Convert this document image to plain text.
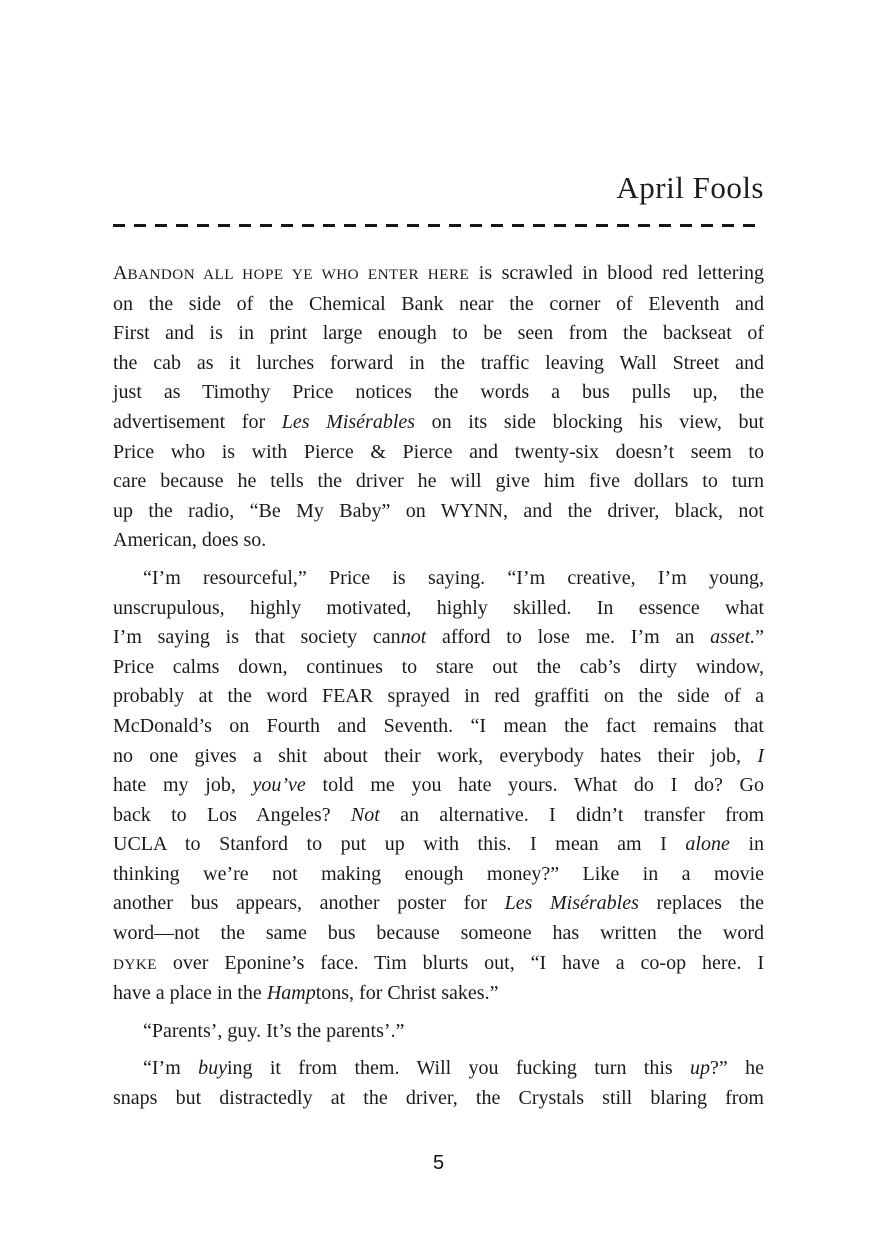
April Fools
ABANDON ALL HOPE YE WHO ENTER HERE is scrawled in blood red lettering
on the side of the Chemical Bank near the corner of Eleventh and
First and is in print large enough to be seen from the backseat of
the cab as it lurches forward in the traffic leaving Wall Street and
just as Timothy Price notices the words a bus pulls up, the
advertisement for Les Misérables on its side blocking his view, but
Price who is with Pierce & Pierce and twenty-six doesn’t seem to
care because he tells the driver he will give him five dollars to turn
up the radio, “Be My Baby” on WYNN, and the driver, black, not
American, does so.
“I’m resourceful,” Price is saying. “I’m creative, I’m young,
unscrupulous, highly motivated, highly skilled. In essence what
I’m saying is that society cannot afford to lose me. I’m an asset.”
Price calms down, continues to stare out the cab’s dirty window,
probably at the word FEAR sprayed in red graffiti on the side of a
McDonald’s on Fourth and Seventh. “I mean the fact remains that
no one gives a shit about their work, everybody hates their job, I
hate my job, you’ve told me you hate yours. What do I do? Go
back to Los Angeles? Not an alternative. I didn’t transfer from
UCLA to Stanford to put up with this. I mean am I alone in
thinking we’re not making enough money?” Like in a movie
another bus appears, another poster for Les Misérables replaces the
word—not the same bus because someone has written the word
DYKE over Eponine’s face. Tim blurts out, “I have a co-op here. I
have a place in the Hamptons, for Christ sakes.”
“Parents’, guy. It’s the parents’.”
“I’m buying it from them. Will you fucking turn this up?” he
snaps but distractedly at the driver, the Crystals still blaring from
5
